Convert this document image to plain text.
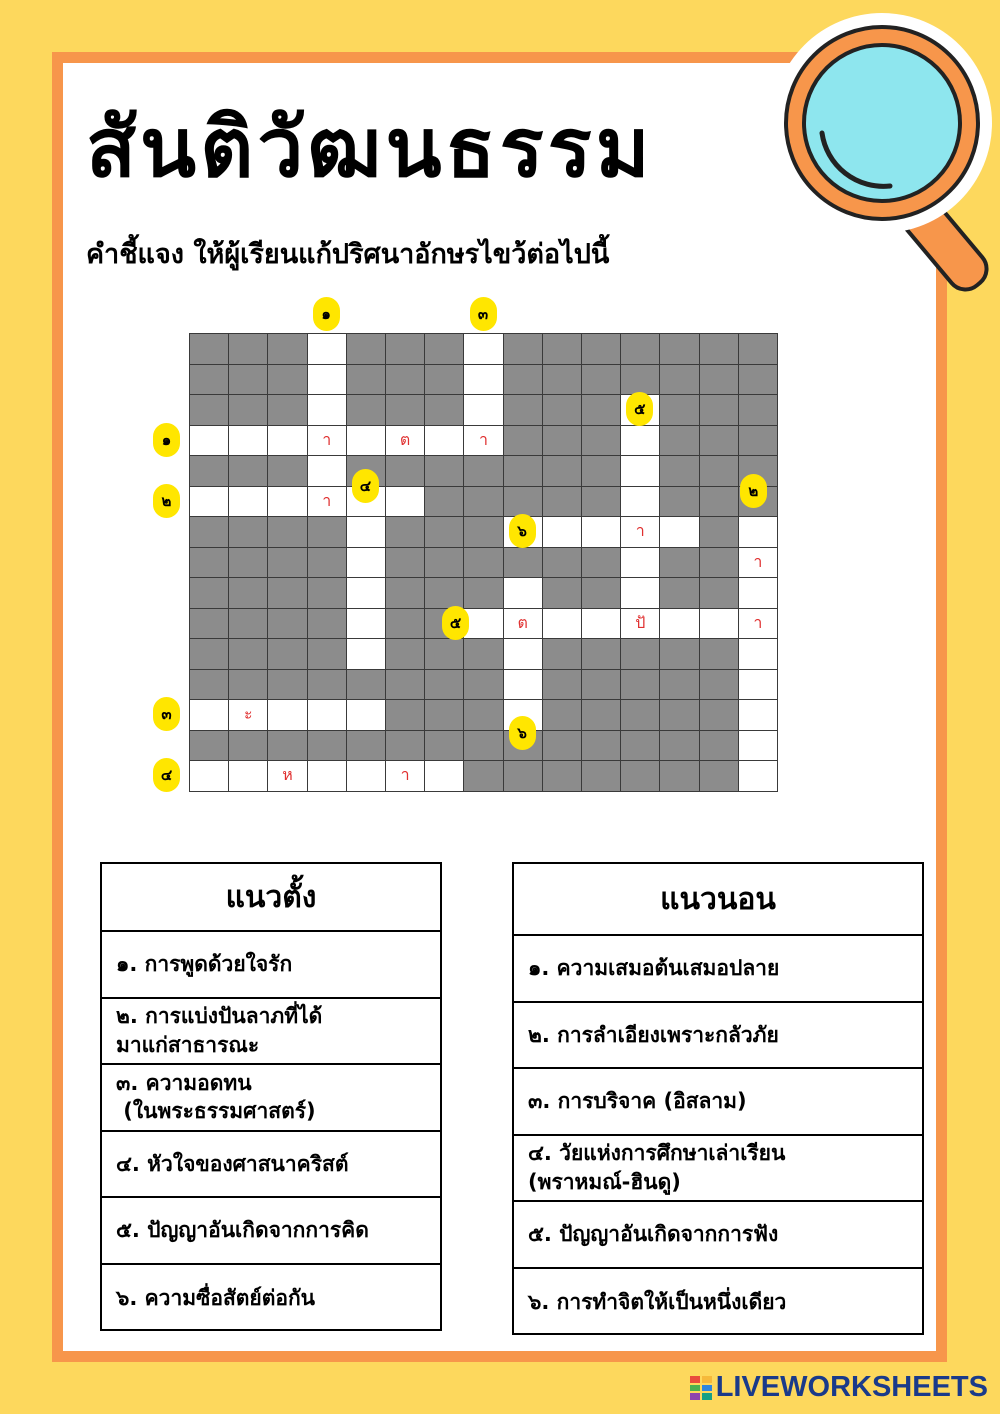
สันติวัฒนธรรม

คำชี้แจง ให้ผู้เรียนแก้ปริศนาอักษรไขว้ต่อไปนี้

า	ต	า
า
า
า
ต	ปั	า
ะ
ห	า
แนวตั้ง
๑. การพูดด้วยใจรัก
๒. การแบ่งปันลาภที่ได้
มาแก่สาธารณะ
๓. ความอดทน
(ในพระธรรมศาสตร์)
๔. หัวใจของศาสนาคริสต์
๕. ปัญญาอันเกิดจากการคิด
๖. ความซื่อสัตย์ต่อกัน
แนวนอน
๑. ความเสมอต้นเสมอปลาย
๒. การลำเอียงเพราะกลัวภัย
๓. การบริจาค (อิสลาม)
๔. วัยแห่งการศึกษาเล่าเรียน
(พราหมณ์-ฮินดู)
๕. ปัญญาอันเกิดจากการฟัง
๖. การทำจิตให้เป็นหนึ่งเดียว
LIVEWORKSHEETS
๑	๓
๕
๑
๔
๒
๒
๖
๕
๓
๖
๔
